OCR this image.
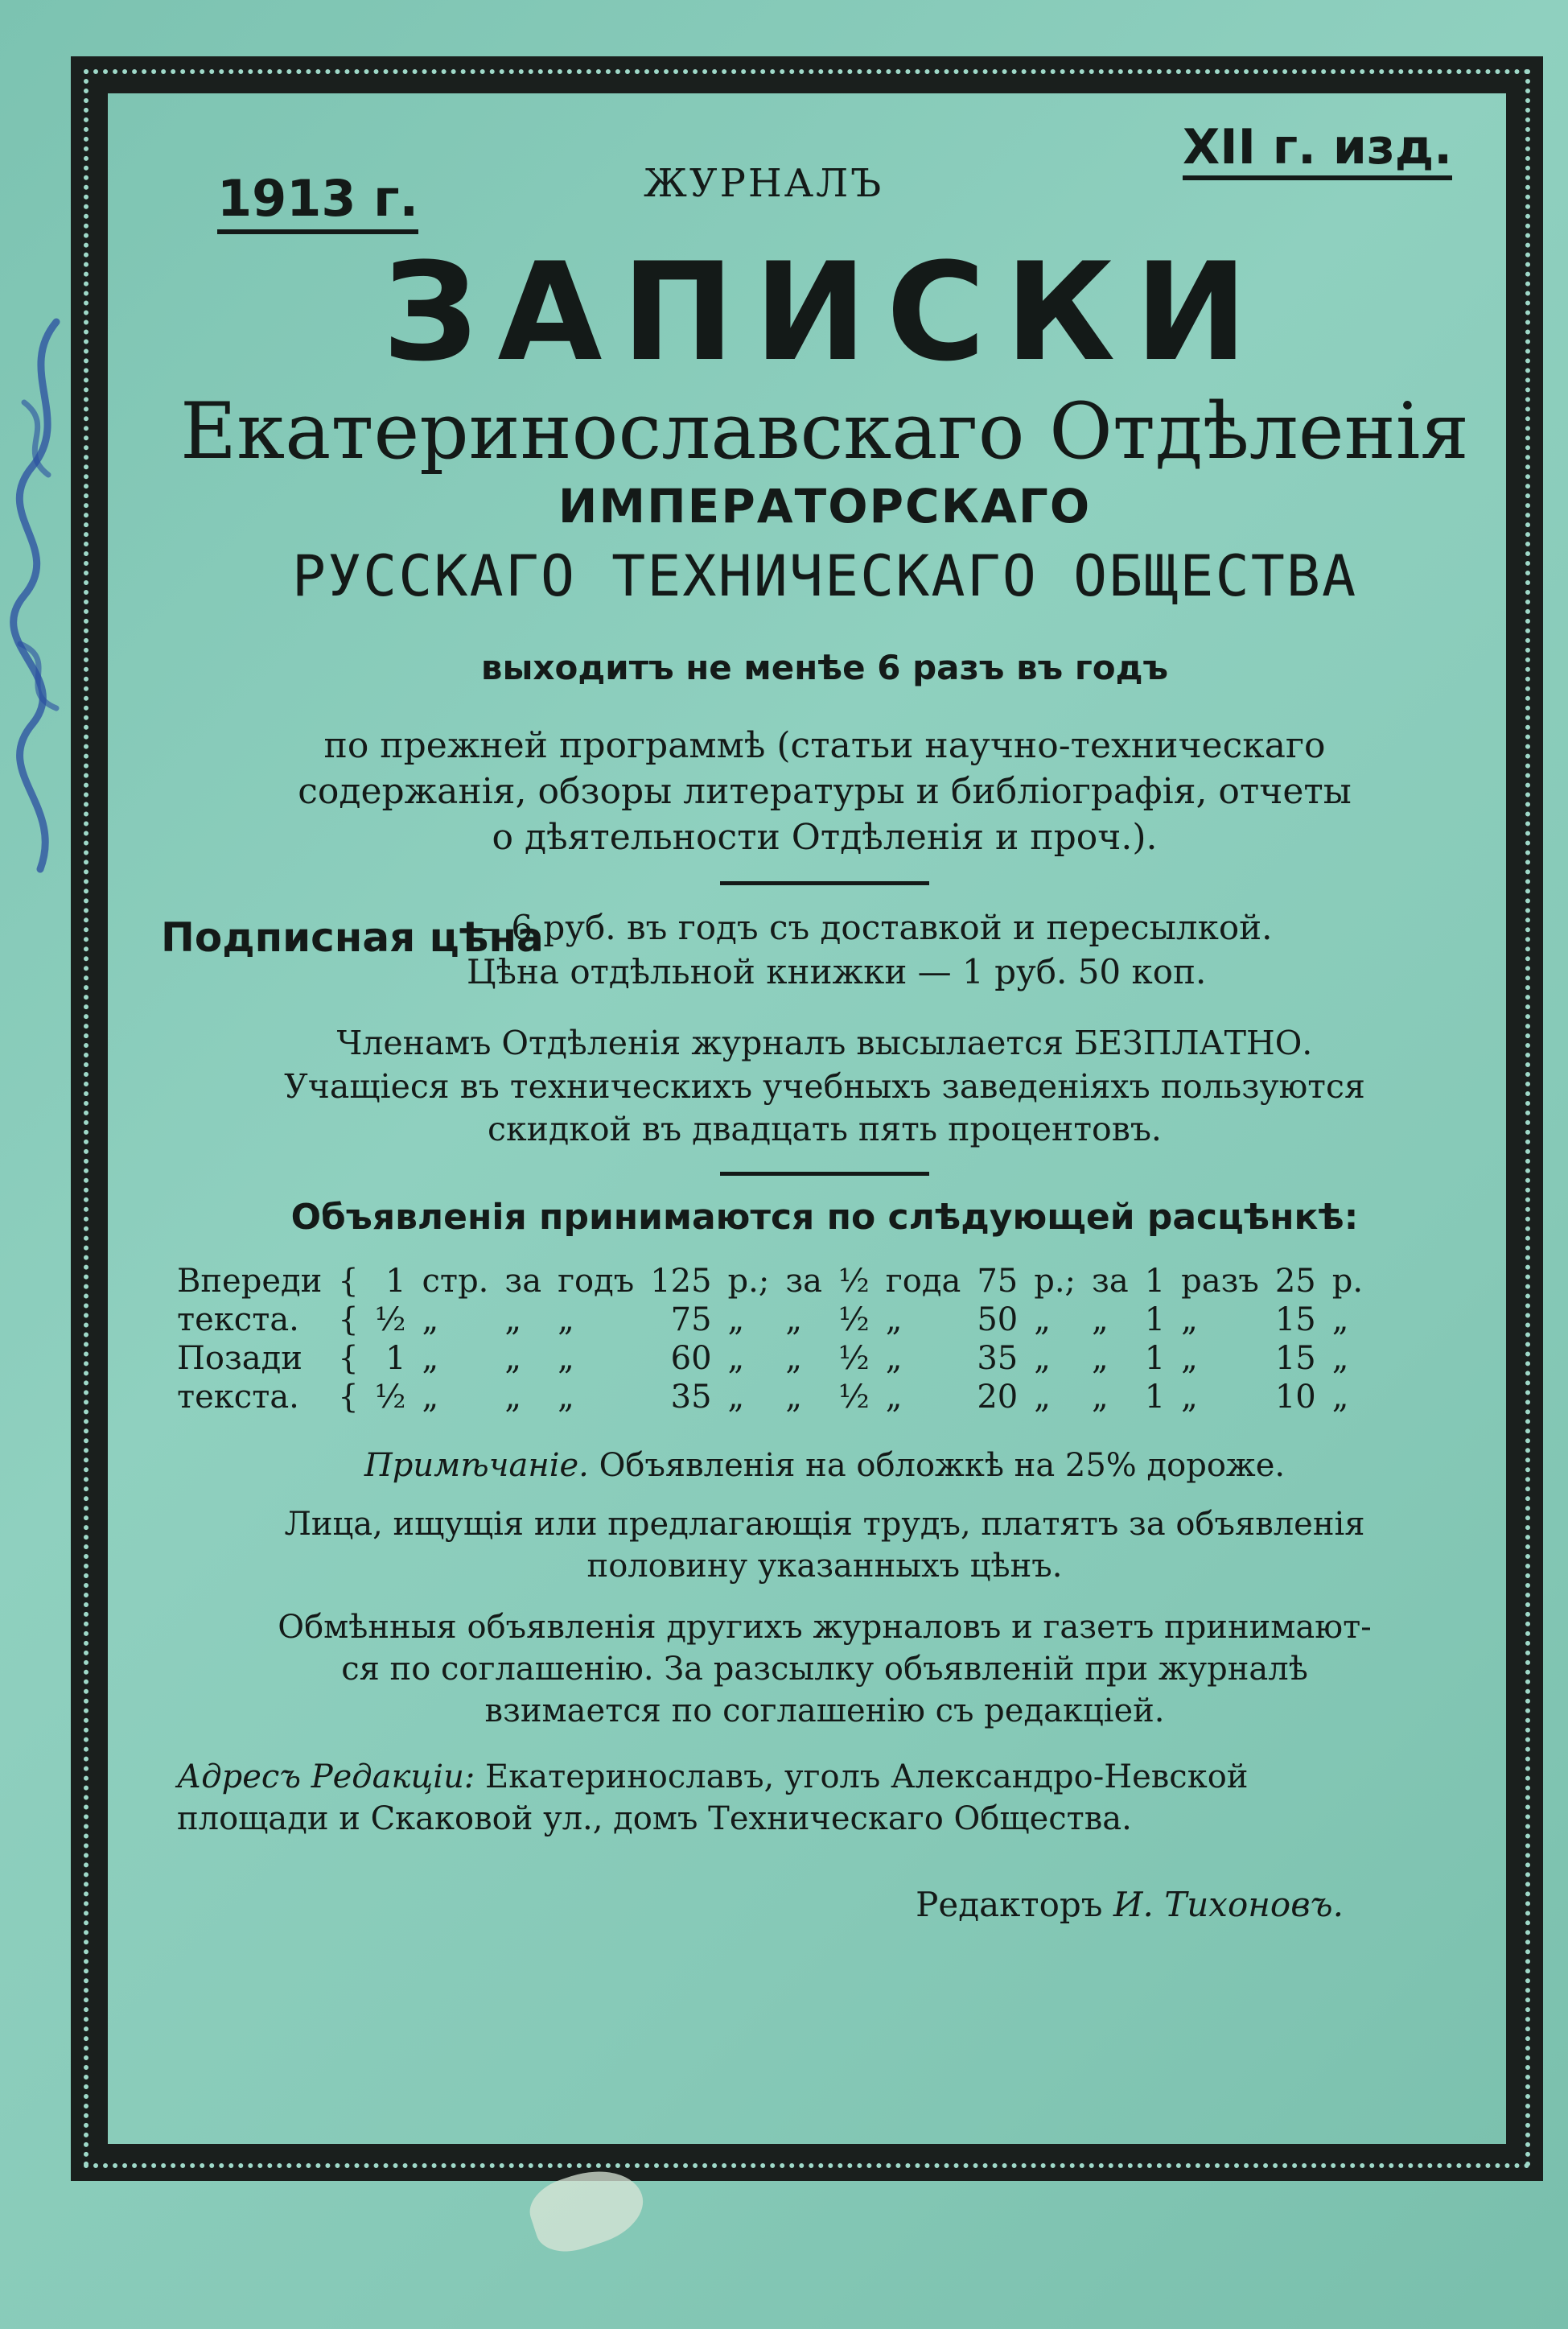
1913 г.	ЖУРНАЛЪ
XII г. изд.
ЗАПИСКИ
Екатеринославскаго Отдѣленія
ИМПЕРАТОРСКАГО
РУССКАГО ТЕХНИЧЕСКАГО ОБЩЕСТВА
выходитъ не менѣе 6 разъ въ годъ
по прежней программѣ (статьи научно-техническаго
содержанія, обзоры литературы и библіографія, отчеты
о дѣятельности Отдѣленія и проч.).
Подписная цѣна
— 6 руб. въ годъ съ доставкой и пересылкой.
Цѣна отдѣльной книжки — 1 руб. 50 коп.
Членамъ Отдѣленія журналъ высылается БЕЗПЛАТНО.
Учащіеся въ техническихъ учебныхъ заведеніяхъ пользуются
скидкой въ двадцать пять процентовъ.
Объявленія принимаются по слѣдующей расцѣнкѣ:
Впереди	{	1	стр.	за	годъ	125	р.;	за	½	года	75	р.;	за	1	разъ	25	р.
текста.	{	½	„	„	„	75	„	„	½	„	50	„	„	1	„	15	„
Позади	{	1	„	„	„	60	„	„	½	„	35	„	„	1	„	15	„
текста.	{	½	„	„	„	35	„	„	½	„	20	„	„	1	„	10	„
Примѣчаніе. Объявленія на обложкѣ на 25% дороже.
Лица, ищущія или предлагающія трудъ, платятъ за объявленія
половину указанныхъ цѣнъ.
Обмѣнныя объявленія другихъ журналовъ и газетъ принимают-
ся по соглашенію. За разсылку объявленій при журналѣ
взимается по соглашенію съ редакціей.
Адресъ Редакціи: Екатеринославъ, уголъ Александро-Невской
площади и Скаковой ул., домъ Техническаго Общества.
Редакторъ И. Тихоновъ.
